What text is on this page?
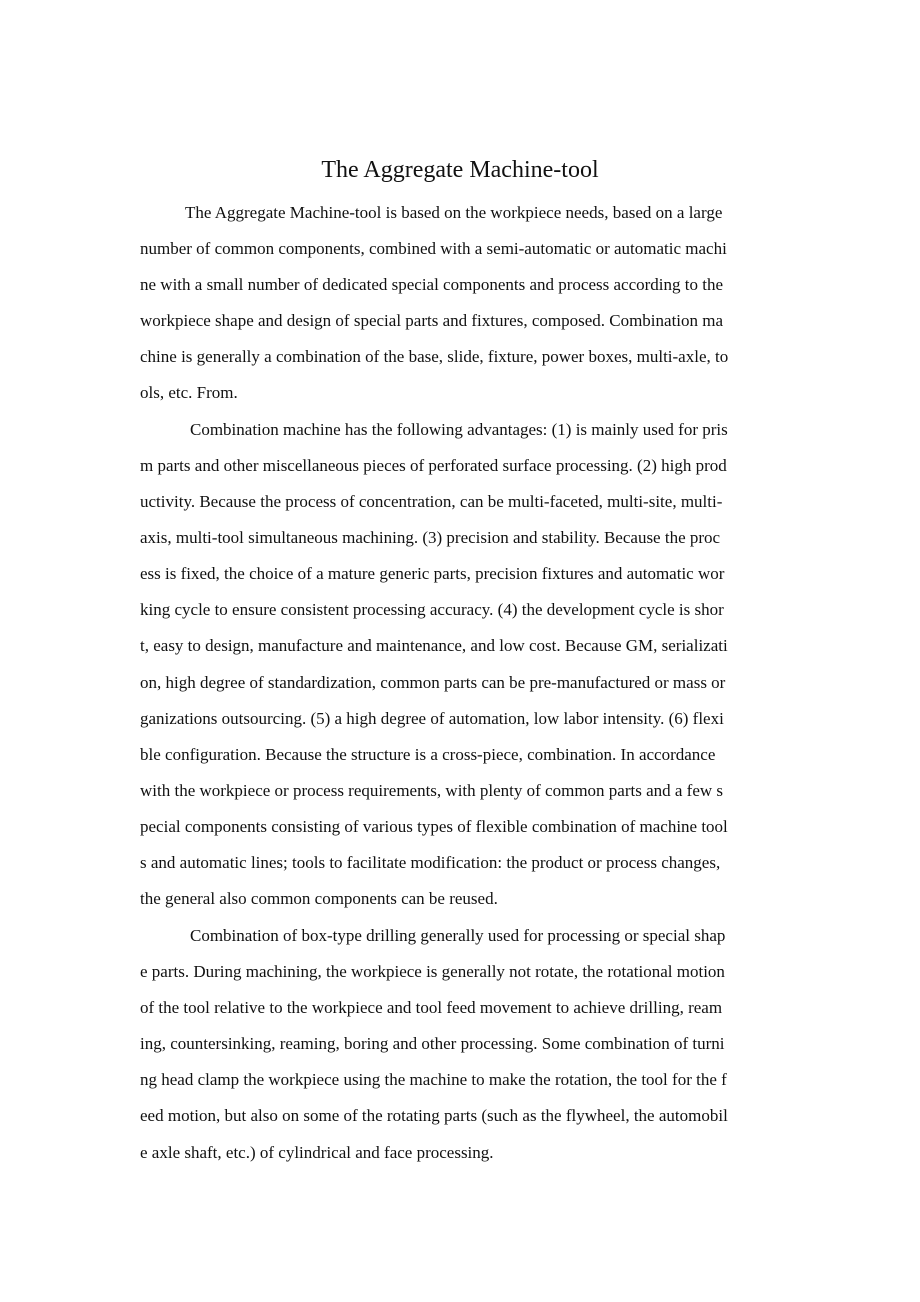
The Aggregate Machine-tool
The Aggregate Machine-tool is based on the workpiece needs, based on a large
number of common components, combined with a semi-automatic or automatic machi
ne with a small number of dedicated special components and process according to the
workpiece shape and design of special parts and fixtures, composed. Combination ma
chine is generally a combination of the base, slide, fixture, power boxes, multi-axle, to
ols, etc. From.
Combination machine has the following advantages: (1) is mainly used for pris
m parts and other miscellaneous pieces of perforated surface processing. (2) high prod
uctivity. Because the process of concentration, can be multi-faceted, multi-site, multi-
axis, multi-tool simultaneous machining. (3) precision and stability. Because the proc
ess is fixed, the choice of a mature generic parts, precision fixtures and automatic wor
king cycle to ensure consistent processing accuracy. (4) the development cycle is shor
t, easy to design, manufacture and maintenance, and low cost. Because GM, serializati
on, high degree of standardization, common parts can be pre-manufactured or mass or
ganizations outsourcing. (5) a high degree of automation, low labor intensity. (6) flexi
ble configuration. Because the structure is a cross-piece, combination. In accordance
with the workpiece or process requirements, with plenty of common parts and a few s
pecial components consisting of various types of flexible combination of machine tool
s and automatic lines; tools to facilitate modification: the product or process changes,
the general also common components can be reused.
Combination of box-type drilling generally used for processing or special shap
e parts. During machining, the workpiece is generally not rotate, the rotational motion
of the tool relative to the workpiece and tool feed movement to achieve drilling, ream
ing, countersinking, reaming, boring and other processing. Some combination of turni
ng head clamp the workpiece using the machine to make the rotation, the tool for the f
eed motion, but also on some of the rotating parts (such as the flywheel, the automobil
e axle shaft, etc.) of cylindrical and face processing.
